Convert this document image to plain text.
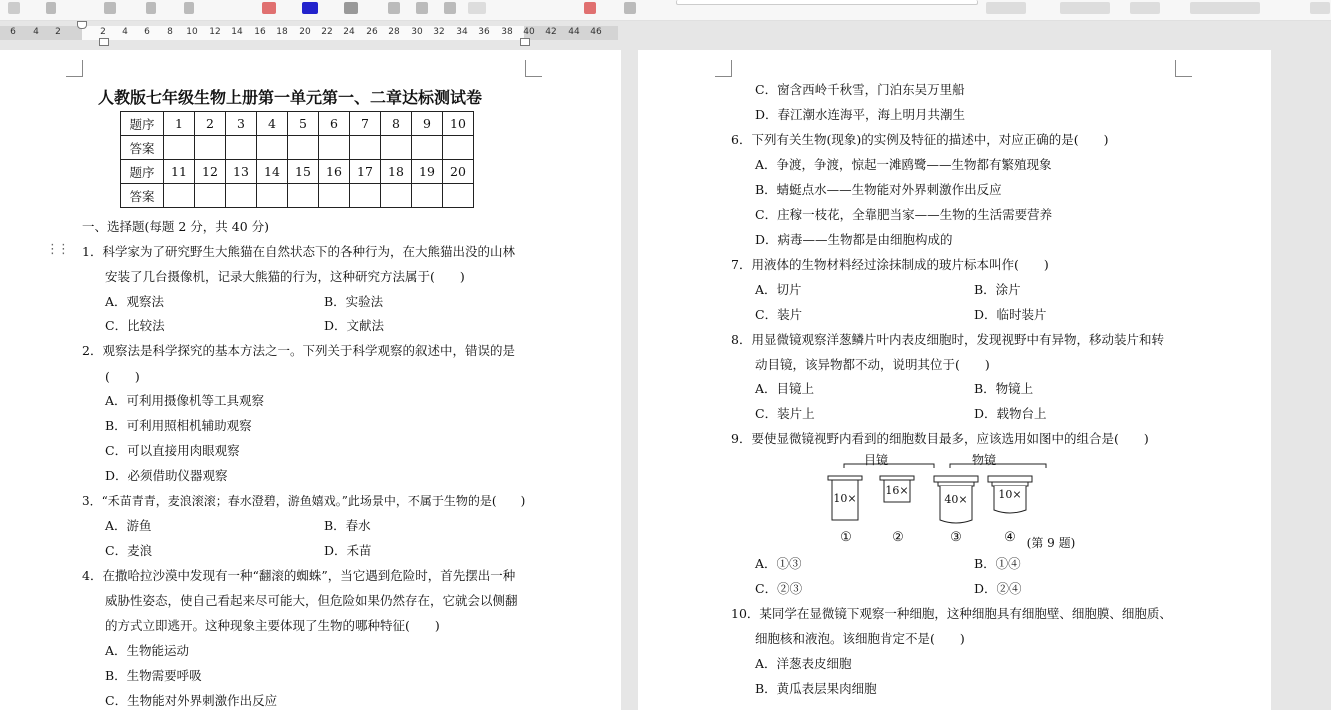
6	4	2	2	4	6	8	10	12	14	16	18	20	22	24	26	28	30	32	34	36	38	40	42	44	46
人教版七年级生物上册第一单元第一、二章达标测试卷
题序	1	2	3	4	5	6	7	8	9	10
答案										
题序	11	12	13	14	15	16	17	18	19	20
答案										
一、选择题(每题 2 分，共 40 分)
1．科学家为了研究野生大熊猫在自然状态下的各种行为，在大熊猫出没的山林
安装了几台摄像机，记录大熊猫的行为，这种研究方法属于(　　)
A．观察法	B．实验法
C．比较法	D．文献法
2．观察法是科学探究的基本方法之一。下列关于科学观察的叙述中，错误的是
(　　)
A．可利用摄像机等工具观察
B．可利用照相机辅助观察
C．可以直接用肉眼观察
D．必须借助仪器观察
3．“禾苗青青，麦浪滚滚；春水澄碧，游鱼嬉戏。”此场景中，不属于生物的是(　　)
A．游鱼	B．春水
C．麦浪	D．禾苗
4．在撒哈拉沙漠中发现有一种“翻滚的蜘蛛”，当它遇到危险时，首先摆出一种
威胁性姿态，使自己看起来尽可能大，但危险如果仍然存在，它就会以侧翻
的方式立即逃开。这种现象主要体现了生物的哪种特征(　　)
A．生物能运动
B．生物需要呼吸
C．生物能对外界刺激作出反应
⋮⋮
C．窗含西岭千秋雪，门泊东吴万里船
D．春江潮水连海平，海上明月共潮生
6．下列有关生物(现象)的实例及特征的描述中，对应正确的是(　　)
A．争渡，争渡，惊起一滩鸥鹭——生物都有繁殖现象
B．蜻蜓点水——生物能对外界刺激作出反应
C．庄稼一枝花，全靠肥当家——生物的生活需要营养
D．病毒——生物都是由细胞构成的
7．用液体的生物材料经过涂抹制成的玻片标本叫作(　　)
A．切片	B．涂片
C．装片	D．临时装片
8．用显微镜观察洋葱鳞片叶内表皮细胞时，发现视野中有异物，移动装片和转
动目镜，该异物都不动，说明其位于(　　)
A．目镜上	B．物镜上
C．装片上	D．载物台上
9．要使显微镜视野内看到的细胞数目最多，应该选用如图中的组合是(　　)
目镜	物镜
10×
16×
40×	10×
①	②	③	④ (第 9 题)
A．①③	B．①④
C．②③	D．②④
10．某同学在显微镜下观察一种细胞，这种细胞具有细胞壁、细胞膜、细胞质、
细胞核和液泡。该细胞肯定不是(　　)
A．洋葱表皮细胞
B．黄瓜表层果肉细胞
